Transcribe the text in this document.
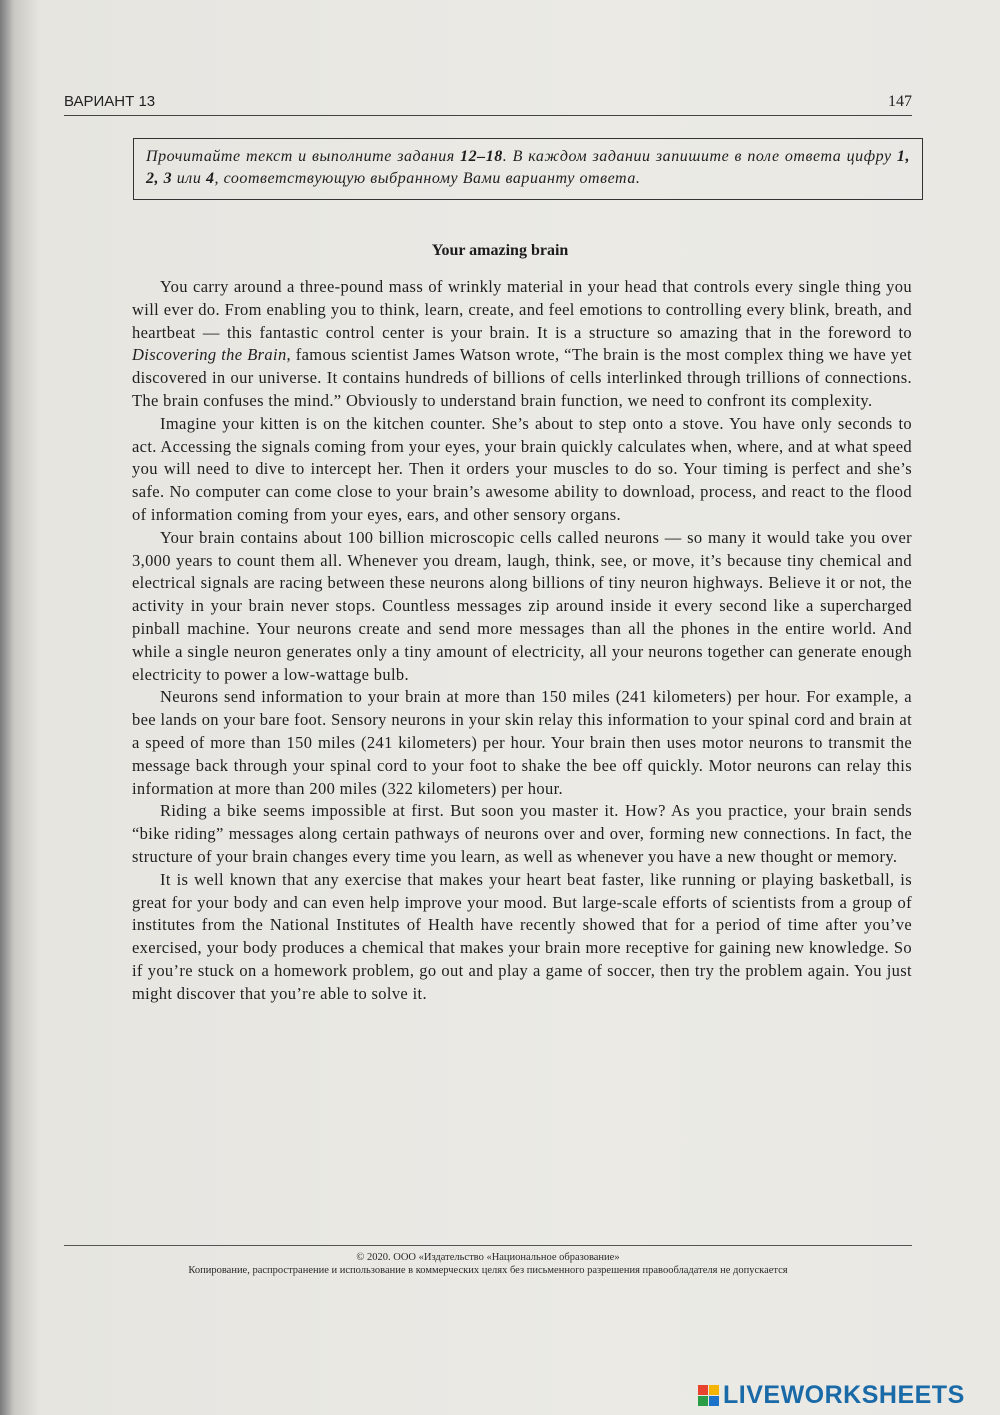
ВАРИАНТ 13	147
Прочитайте текст и выполните задания 12–18. В каждом задании запишите в поле ответа цифру 1, 2, 3 или 4, соответствующую выбранному Вами варианту ответа.
Your amazing brain

You carry around a three-pound mass of wrinkly material in your head that controls every single thing you will ever do. From enabling you to think, learn, create, and feel emotions to controlling every blink, breath, and heartbeat — this fantastic control center is your brain. It is a structure so amazing that in the foreword to Discovering the Brain, famous scientist James Watson wrote, “The brain is the most complex thing we have yet discovered in our universe. It contains hundreds of billions of cells interlinked through trillions of connections. The brain confuses the mind.” Obviously to understand brain function, we need to confront its complexity.

Imagine your kitten is on the kitchen counter. She’s about to step onto a stove. You have only seconds to act. Accessing the signals coming from your eyes, your brain quickly calculates when, where, and at what speed you will need to dive to intercept her. Then it orders your muscles to do so. Your timing is perfect and she’s safe. No computer can come close to your brain’s awesome ability to download, process, and react to the flood of information coming from your eyes, ears, and other sensory organs.

Your brain contains about 100 billion microscopic cells called neurons — so many it would take you over 3,000 years to count them all. Whenever you dream, laugh, think, see, or move, it’s because tiny chemical and electrical signals are racing between these neurons along billions of tiny neuron highways. Believe it or not, the activity in your brain never stops. Countless messages zip around inside it every second like a supercharged pinball machine. Your neurons create and send more messages than all the phones in the entire world. And while a single neuron generates only a tiny amount of electricity, all your neurons together can generate enough electricity to power a low-wattage bulb.

Neurons send information to your brain at more than 150 miles (241 kilometers) per hour. For example, a bee lands on your bare foot. Sensory neurons in your skin relay this information to your spinal cord and brain at a speed of more than 150 miles (241 kilometers) per hour. Your brain then uses motor neurons to transmit the message back through your spinal cord to your foot to shake the bee off quickly. Motor neurons can relay this information at more than 200 miles (322 kilometers) per hour.

Riding a bike seems impossible at first. But soon you master it. How? As you practice, your brain sends “bike riding” messages along certain pathways of neurons over and over, forming new connections. In fact, the structure of your brain changes every time you learn, as well as whenever you have a new thought or memory.

It is well known that any exercise that makes your heart beat faster, like running or playing basketball, is great for your body and can even help improve your mood. But large-scale efforts of scientists from a group of institutes from the National Institutes of Health have recently showed that for a period of time after you’ve exercised, your body produces a chemical that makes your brain more receptive for gaining new knowledge. So if you’re stuck on a homework problem, go out and play a game of soccer, then try the problem again. You just might discover that you’re able to solve it.

© 2020. ООО «Издательство «Национальное образование»
Копирование, распространение и использование в коммерческих целях без письменного разрешения правообладателя не допускается
LIVEWORKSHEETS
